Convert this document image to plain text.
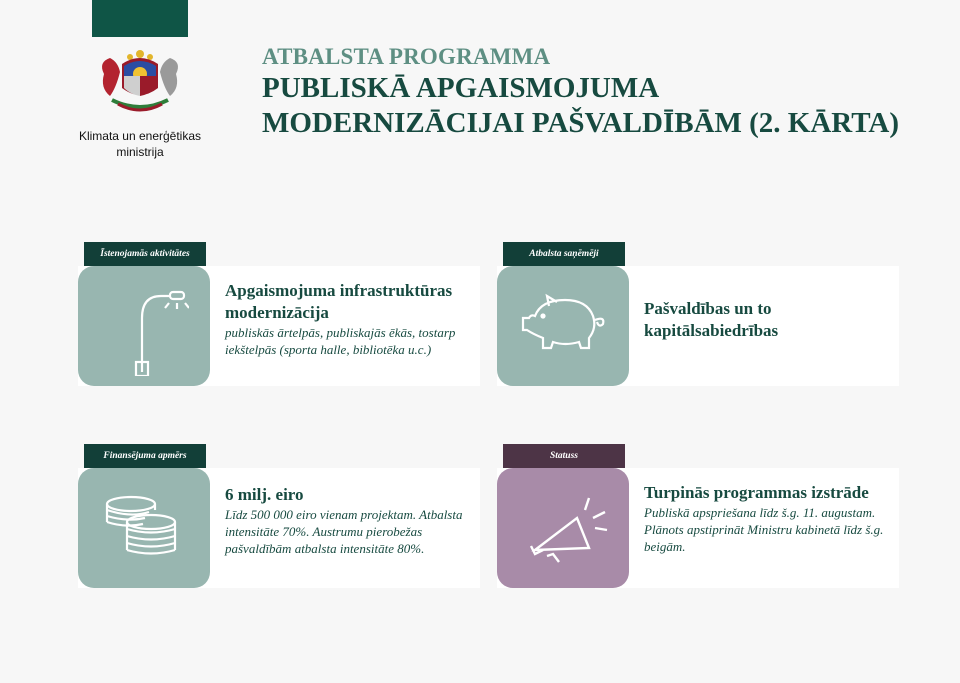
Klimata un enerģētikas ministrija
ATBALSTA PROGRAMMA
PUBLISKĀ APGAISMOJUMA
MODERNIZĀCIJAI PAŠVALDĪBĀM (2. KĀRTA)
Apgaismojuma infrastruktūras modernizācija
publiskās ārtelpās, publiskajās ēkās, tostarp iekštelpās (sporta halle, bibliotēka u.c.)
Īstenojamās aktivitātes
Pašvaldības un to kapitālsabiedrības
Atbalsta saņēmēji
6 milj. eiro
Līdz 500 000 eiro vienam projektam. Atbalsta intensitāte 70%. Austrumu pierobežas pašvaldībām atbalsta intensitāte 80%.
Finansējuma apmērs
Turpinās programmas izstrāde
Publiskā apspriešana līdz š.g. 11. augustam. Plānots apstiprināt Ministru kabinetā līdz š.g. beigām.
Statuss
